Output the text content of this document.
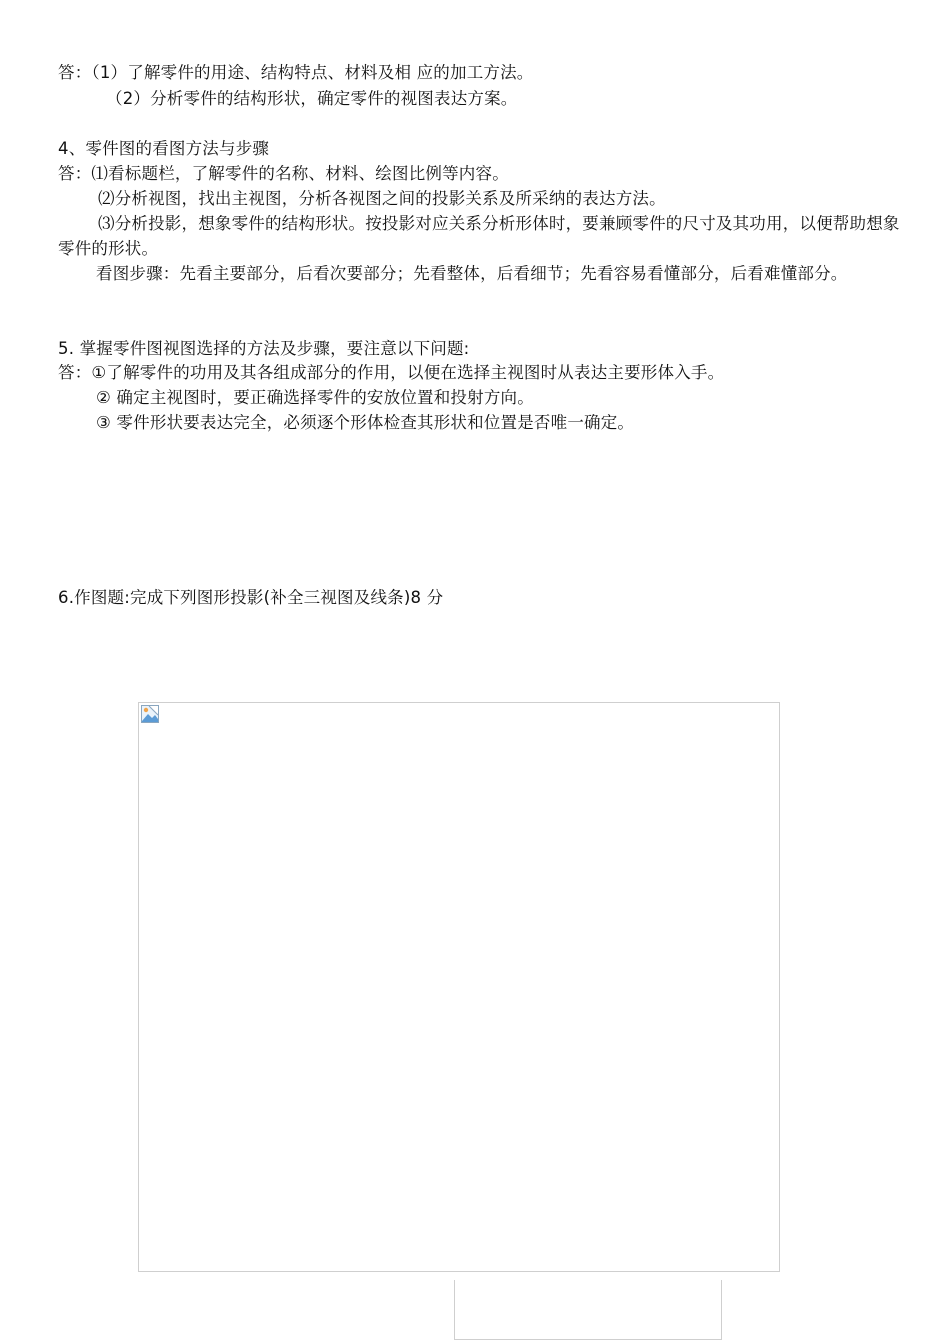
答：（1）了解零件的用途、结构特点、材料及相 应的加工方法。
（2）分析零件的结构形状，确定零件的视图表达方案。
4、零件图的看图方法与步骤
答：⑴看标题栏，了解零件的名称、材料、绘图比例等内容。
⑵分析视图，找出主视图，分析各视图之间的投影关系及所采纳的表达方法。
⑶分析投影，想象零件的结构形状。按投影对应关系分析形体时，要兼顾零件的尺寸及其功用，以便帮助想象零件的形状。
看图步骤：先看主要部分，后看次要部分；先看整体，后看细节；先看容易看懂部分，后看难懂部分。
5. 掌握零件图视图选择的方法及步骤，要注意以下问题:
答：①了解零件的功用及其各组成部分的作用，以便在选择主视图时从表达主要形体入手。
② 确定主视图时，要正确选择零件的安放位置和投射方向。
③ 零件形状要表达完全，必须逐个形体检查其形状和位置是否唯一确定。
6.作图题:完成下列图形投影(补全三视图及线条)8 分
